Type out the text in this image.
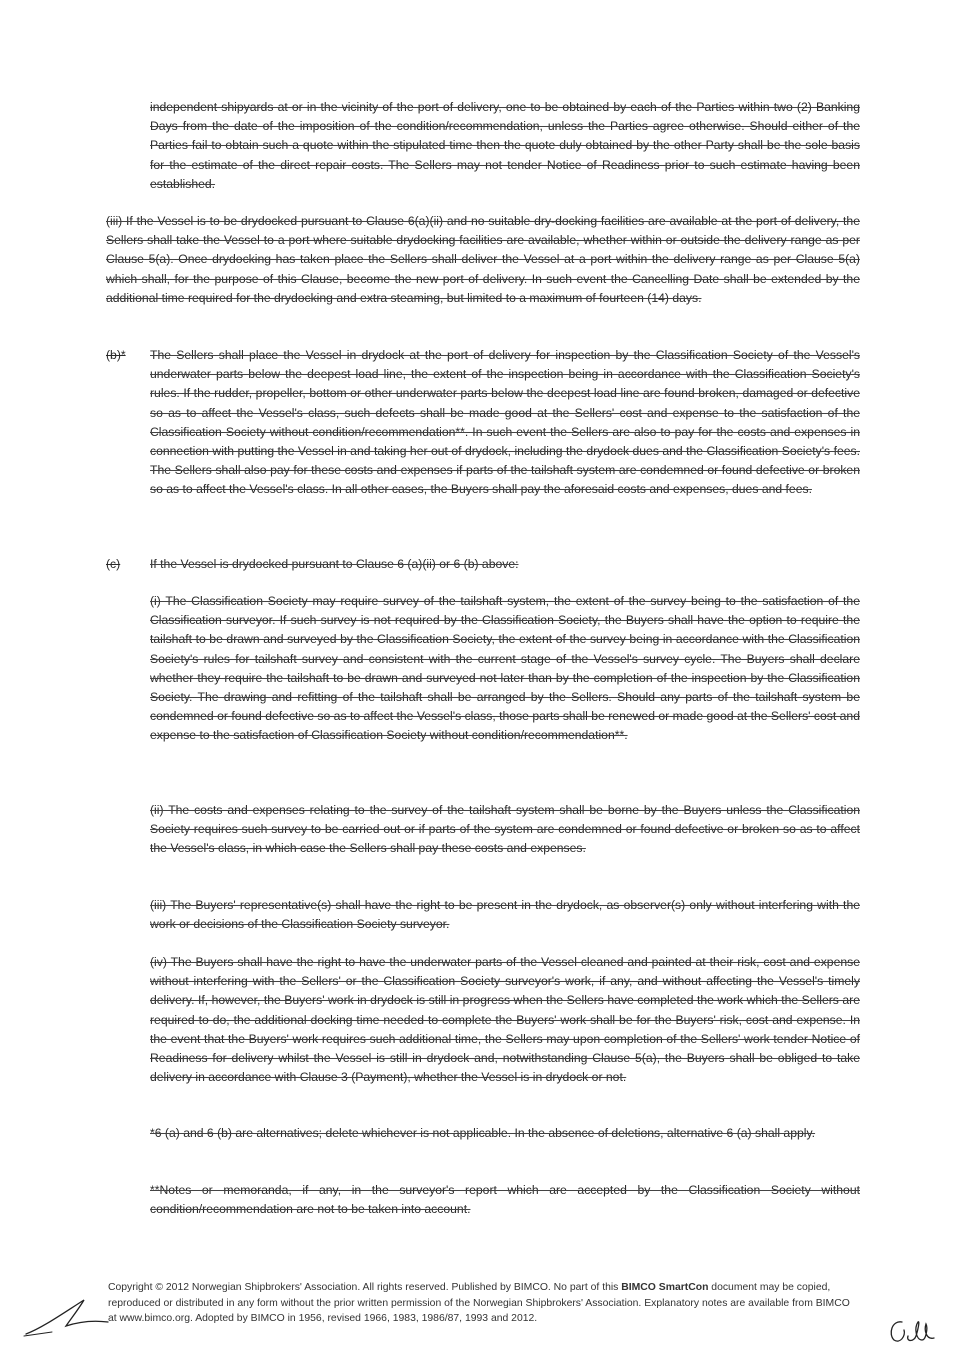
independent shipyards at or in the vicinity of the port of delivery, one to be obtained by each of the Parties within two (2) Banking Days from the date of the imposition of the condition/recommendation, unless the Parties agree otherwise. Should either of the Parties fail to obtain such a quote within the stipulated time then the quote duly obtained by the other Party shall be the sole basis for the estimate of the direct repair costs. The Sellers may not tender Notice of Readiness prior to such estimate having been established.
(iii) If the Vessel is to be drydocked pursuant to Clause 6(a)(ii) and no suitable dry-docking facilities are available at the port of delivery, the Sellers shall take the Vessel to a port where suitable drydocking facilities are available, whether within or outside the delivery range as per Clause 5(a). Once drydocking has taken place the Sellers shall deliver the Vessel at a port within the delivery range as per Clause 5(a) which shall, for the purpose of this Clause, become the new port of delivery. In such event the Cancelling Date shall be extended by the additional time required for the drydocking and extra steaming, but limited to a maximum of fourteen (14) days.
(b)* The Sellers shall place the Vessel in drydock at the port of delivery for inspection by the Classification Society of the Vessel's underwater parts below the deepest load line, the extent of the inspection being in accordance with the Classification Society's rules. If the rudder, propeller, bottom or other underwater parts below the deepest load line are found broken, damaged or defective so as to affect the Vessel's class, such defects shall be made good at the Sellers' cost and expense to the satisfaction of the Classification Society without condition/recommendation**. In such event the Sellers are also to pay for the costs and expenses in connection with putting the Vessel in and taking her out of drydock, including the drydock dues and the Classification Society's fees. The Sellers shall also pay for these costs and expenses if parts of the tailshaft system are condemned or found defective or broken so as to affect the Vessel's class. In all other cases, the Buyers shall pay the aforesaid costs and expenses, dues and fees.
(c) If the Vessel is drydocked pursuant to Clause 6 (a)(ii) or 6 (b) above:
(i) The Classification Society may require survey of the tailshaft system, the extent of the survey being to the satisfaction of the Classification surveyor. If such survey is not required by the Classification Society, the Buyers shall have the option to require the tailshaft to be drawn and surveyed by the Classification Society, the extent of the survey being in accordance with the Classification Society's rules for tailshaft survey and consistent with the current stage of the Vessel's survey cycle. The Buyers shall declare whether they require the tailshaft to be drawn and surveyed not later than by the completion of the inspection by the Classification Society. The drawing and refitting of the tailshaft shall be arranged by the Sellers. Should any parts of the tailshaft system be condemned or found defective so as to affect the Vessel's class, those parts shall be renewed or made good at the Sellers' cost and expense to the satisfaction of Classification Society without condition/recommendation**.
(ii) The costs and expenses relating to the survey of the tailshaft system shall be borne by the Buyers unless the Classification Society requires such survey to be carried out or if parts of the system are condemned or found defective or broken so as to affect the Vessel's class, in which case the Sellers shall pay these costs and expenses.
(iii) The Buyers' representative(s) shall have the right to be present in the drydock, as observer(s) only without interfering with the work or decisions of the Classification Society surveyor.
(iv) The Buyers shall have the right to have the underwater parts of the Vessel cleaned and painted at their risk, cost and expense without interfering with the Sellers' or the Classification Society surveyor's work, if any, and without affecting the Vessel's timely delivery. If, however, the Buyers' work in drydock is still in progress when the Sellers have completed the work which the Sellers are required to do, the additional docking time needed to complete the Buyers' work shall be for the Buyers' risk, cost and expense. In the event that the Buyers' work requires such additional time, the Sellers may upon completion of the Sellers' work tender Notice of Readiness for delivery whilst the Vessel is still in drydock and, notwithstanding Clause 5(a), the Buyers shall be obliged to take delivery in accordance with Clause 3 (Payment), whether the Vessel is in drydock or not.
*6 (a) and 6 (b) are alternatives; delete whichever is not applicable. In the absence of deletions, alternative 6 (a) shall apply.
**Notes or memoranda, if any, in the surveyor's report which are accepted by the Classification Society without condition/recommendation are not to be taken into account.
Copyright © 2012 Norwegian Shipbrokers' Association. All rights reserved. Published by BIMCO. No part of this BIMCO SmartCon document may be copied, reproduced or distributed in any form without the prior written permission of the Norwegian Shipbrokers' Association. Explanatory notes are available from BIMCO at www.bimco.org. Adopted by BIMCO in 1956, revised 1966, 1983, 1986/87, 1993 and 2012.
